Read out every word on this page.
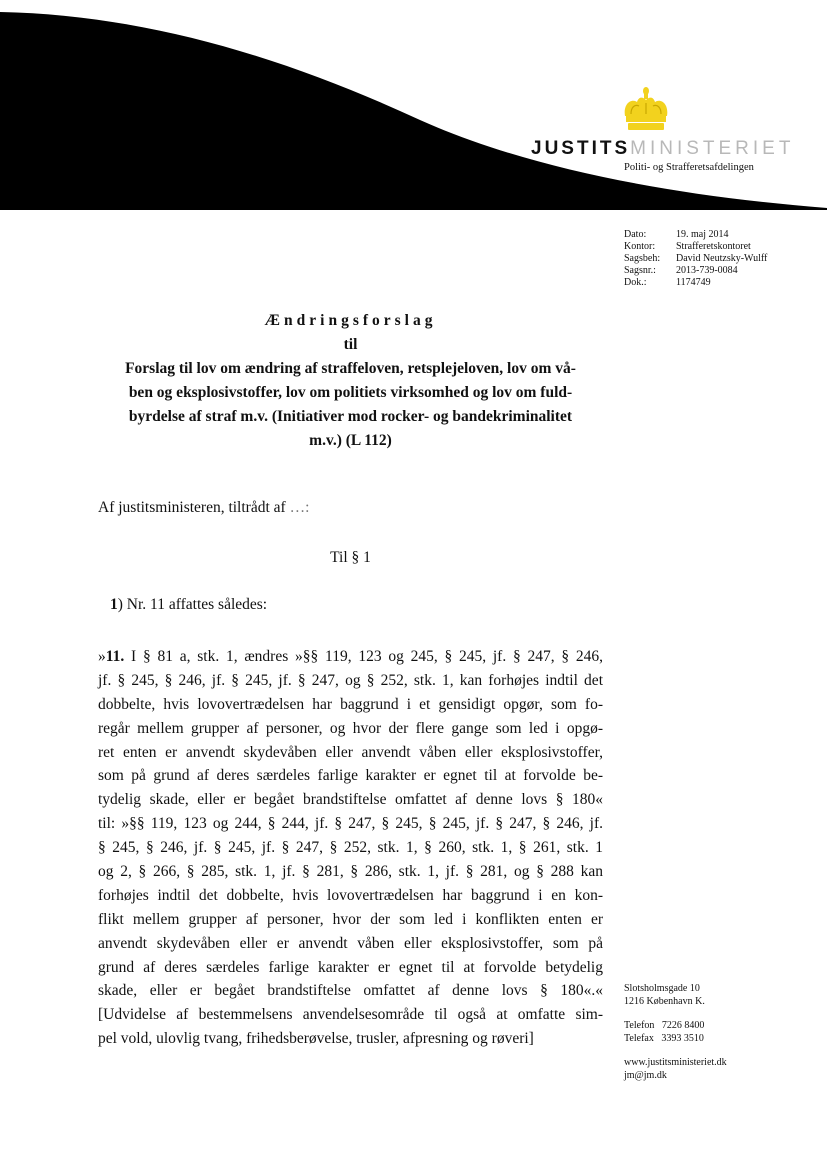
JUSTITSMINISTERIET
Politi- og Strafferetsafdelingen
Dato:	19. maj 2014
Kontor:	Strafferetskontoret
Sagsbeh:	David Neutzsky-Wulff
Sagsnr.:	2013-739-0084
Dok.:	1174749
Ændringsforslag
til
Forslag til lov om ændring af straffeloven, retsplejeloven, lov om vå-
ben og eksplosivstoffer, lov om politiets virksomhed og lov om fuld-
byrdelse af straf m.v. (Initiativer mod rocker- og bandekriminalitet
m.v.) (L 112)
Af justitsministeren, tiltrådt af …:
Til § 1
1) Nr. 11 affattes således:
»11. I § 81 a, stk. 1, ændres »§§ 119, 123 og 245, § 245, jf. § 247, § 246,
jf. § 245, § 246, jf. § 245, jf. § 247, og § 252, stk. 1, kan forhøjes indtil det
dobbelte, hvis lovovertrædelsen har baggrund i et gensidigt opgør, som fo-
regår mellem grupper af personer, og hvor der flere gange som led i opgø-
ret enten er anvendt skydevåben eller anvendt våben eller eksplosivstoffer,
som på grund af deres særdeles farlige karakter er egnet til at forvolde be-
tydelig skade, eller er begået brandstiftelse omfattet af denne lovs § 180«
til: »§§ 119, 123 og 244, § 244, jf. § 247, § 245, § 245, jf. § 247, § 246, jf.
§ 245, § 246, jf. § 245, jf. § 247, § 252, stk. 1, § 260, stk. 1, § 261, stk. 1
og 2, § 266, § 285, stk. 1, jf. § 281, § 286, stk. 1, jf. § 281, og § 288 kan
forhøjes indtil det dobbelte, hvis lovovertrædelsen har baggrund i en kon-
flikt mellem grupper af personer, hvor der som led i konflikten enten er
anvendt skydevåben eller er anvendt våben eller eksplosivstoffer, som på
grund af deres særdeles farlige karakter er egnet til at forvolde betydelig
skade, eller er begået brandstiftelse omfattet af denne lovs § 180«.«
[Udvidelse af bestemmelsens anvendelsesområde til også at omfatte sim-
pel vold, ulovlig tvang, frihedsberøvelse, trusler, afpresning og røveri]
Slotsholmsgade 10
1216 København K.
Telefon   7226 8400
Telefax   3393 3510
www.justitsministeriet.dk
jm@jm.dk
